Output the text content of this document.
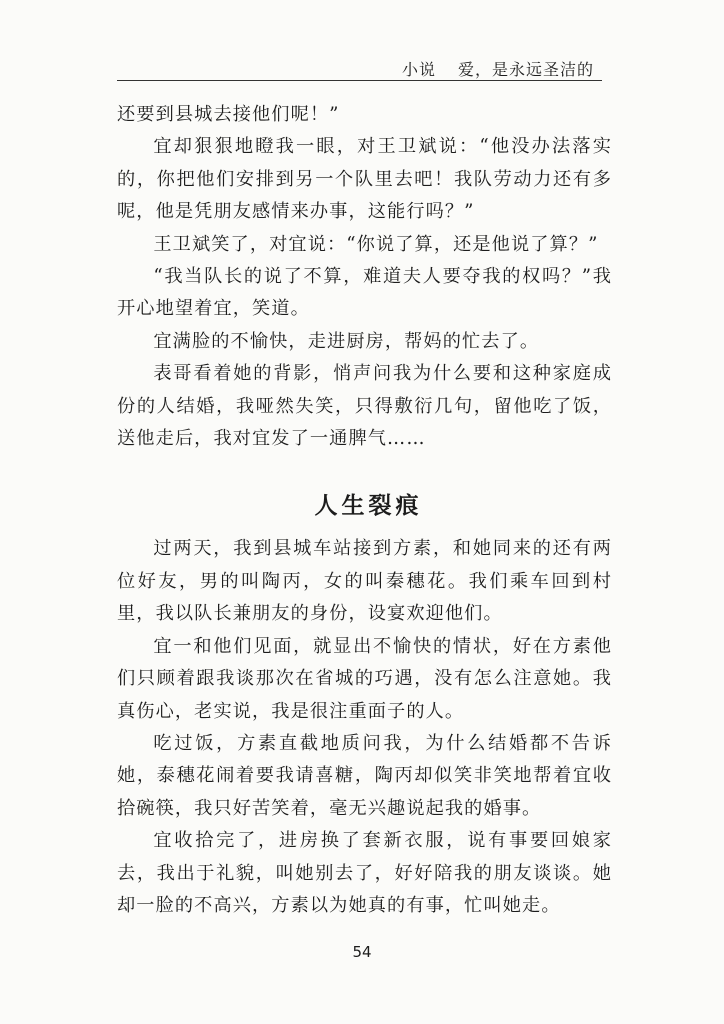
小说 爱，是永远圣洁的

还要到县城去接他们呢！”

宜却狠狠地瞪我一眼，对王卫斌说：“他没办法落实的，你把他们安排到另一个队里去吧！我队劳动力还有多呢，他是凭朋友感情来办事，这能行吗？”

王卫斌笑了，对宜说：“你说了算，还是他说了算？”

“我当队长的说了不算，难道夫人要夺我的权吗？”我开心地望着宜，笑道。

宜满脸的不愉快，走进厨房，帮妈的忙去了。

表哥看着她的背影，悄声问我为什么要和这种家庭成份的人结婚，我哑然失笑，只得敷衍几句，留他吃了饭，送他走后，我对宜发了一通脾气……

人生裂痕

过两天，我到县城车站接到方素，和她同来的还有两位好友，男的叫陶丙，女的叫秦穗花。我们乘车回到村里，我以队长兼朋友的身份，设宴欢迎他们。

宜一和他们见面，就显出不愉快的情状，好在方素他们只顾着跟我谈那次在省城的巧遇，没有怎么注意她。我真伤心，老实说，我是很注重面子的人。

吃过饭，方素直截地质问我，为什么结婚都不告诉她，泰穗花闹着要我请喜糖，陶丙却似笑非笑地帮着宜收拾碗筷，我只好苦笑着，毫无兴趣说起我的婚事。

宜收拾完了，进房换了套新衣服，说有事要回娘家去，我出于礼貌，叫她别去了，好好陪我的朋友谈谈。她却一脸的不高兴，方素以为她真的有事，忙叫她走。

54
